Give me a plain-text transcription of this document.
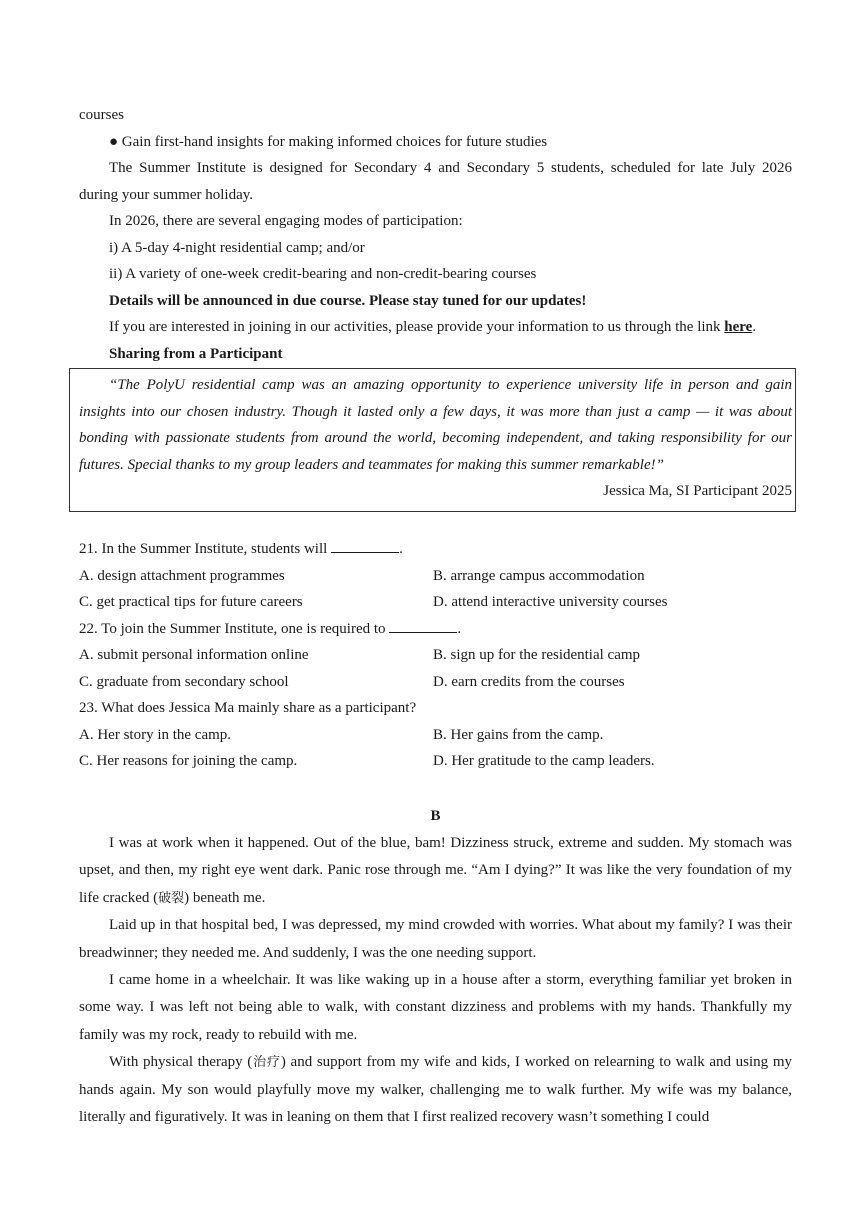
courses

● Gain first-hand insights for making informed choices for future studies

The Summer Institute is designed for Secondary 4 and Secondary 5 students, scheduled for late July 2026

during your summer holiday.

In 2026, there are several engaging modes of participation:

i) A 5-day 4-night residential camp; and/or

ii) A variety of one-week credit-bearing and non-credit-bearing courses

Details will be announced in due course. Please stay tuned for our updates!

If you are interested in joining in our activities, please provide your information to us through the link here.

Sharing from a Participant

“The PolyU residential camp was an amazing opportunity to experience university life in person and gain insights into our chosen industry. Though it lasted only a few days, it was more than just a camp — it was about bonding with passionate students from around the world, becoming independent, and taking responsibility for our futures. Special thanks to my group leaders and teammates for making this summer remarkable!”

Jessica Ma, SI Participant 2025

21. In the Summer Institute, students will	.

A. design attachment programmes	B. arrange campus accommodation
C. get practical tips for future careers	D. attend interactive university courses

22. To join the Summer Institute, one is required to	.

A. submit personal information online	B. sign up for the residential camp
C. graduate from secondary school	D. earn credits from the courses

23. What does Jessica Ma mainly share as a participant?

A. Her story in the camp.	B. Her gains from the camp.
C. Her reasons for joining the camp.	D. Her gratitude to the camp leaders.

B

I was at work when it happened. Out of the blue, bam! Dizziness struck, extreme and sudden. My stomach was upset, and then, my right eye went dark. Panic rose through me. “Am I dying?” It was like the very foundation of my life cracked (破裂) beneath me.

Laid up in that hospital bed, I was depressed, my mind crowded with worries. What about my family? I was their breadwinner; they needed me. And suddenly, I was the one needing support.

I came home in a wheelchair. It was like waking up in a house after a storm, everything familiar yet broken in some way. I was left not being able to walk, with constant dizziness and problems with my hands. Thankfully my family was my rock, ready to rebuild with me.

With physical therapy (治疗) and support from my wife and kids, I worked on relearning to walk and using my hands again. My son would playfully move my walker, challenging me to walk further. My wife was my balance, literally and figuratively. It was in leaning on them that I first realized recovery wasn’t something I could
